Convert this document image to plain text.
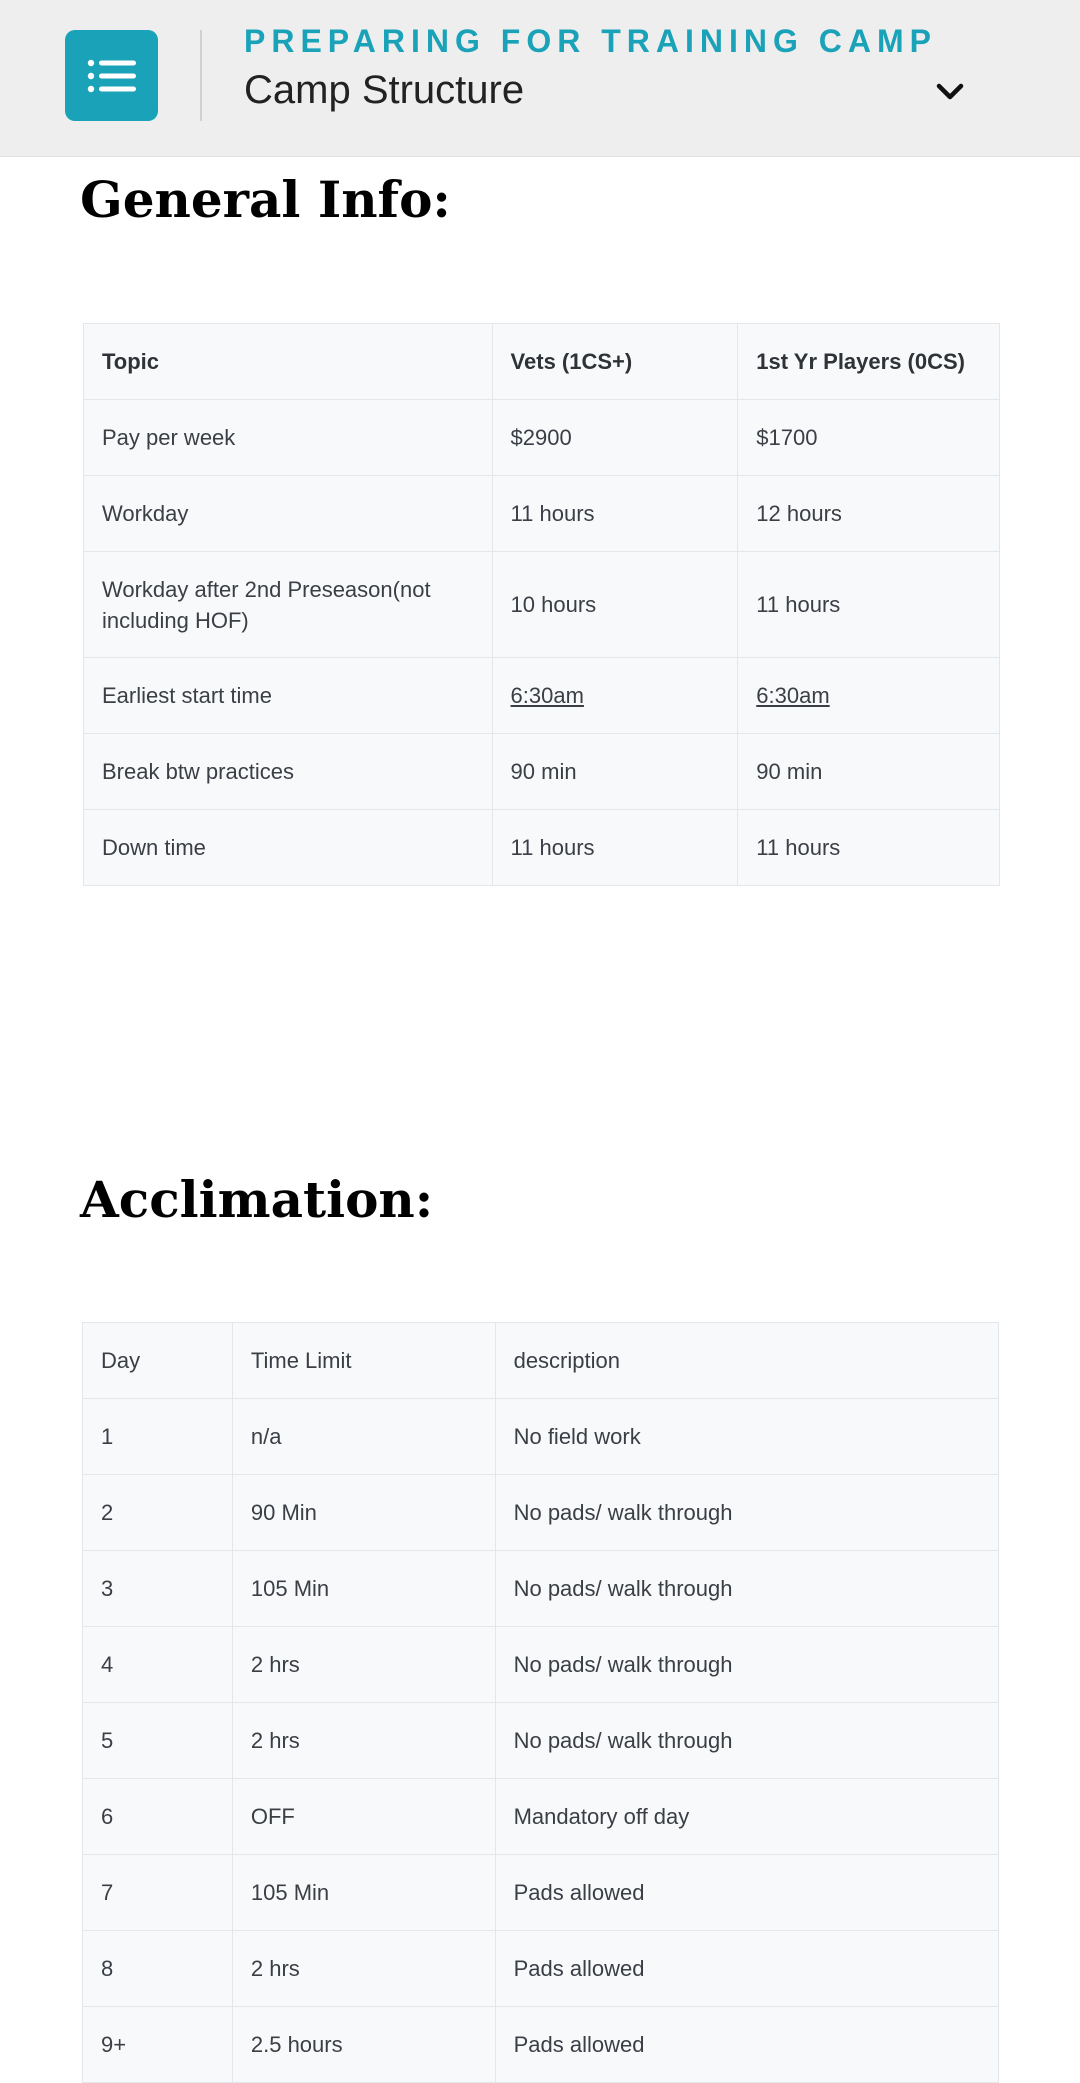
PREPARING FOR TRAINING CAMP
Camp Structure
General Info:
Topic	Vets (1CS+)	1st Yr Players (0CS)
Pay per week	$2900	$1700
Workday	11 hours	12 hours
Workday after 2nd Preseason(not including HOF)	10 hours	11 hours
Earliest start time	6:30am	6:30am
Break btw practices	90 min	90 min
Down time	11 hours	11 hours
Acclimation:
Day	Time Limit	description
1	n/a	No field work
2	90 Min	No pads/ walk through
3	105 Min	No pads/ walk through
4	2 hrs	No pads/ walk through
5	2 hrs	No pads/ walk through
6	OFF	Mandatory off day
7	105 Min	Pads allowed
8	2 hrs	Pads allowed
9+	2.5 hours	Pads allowed
